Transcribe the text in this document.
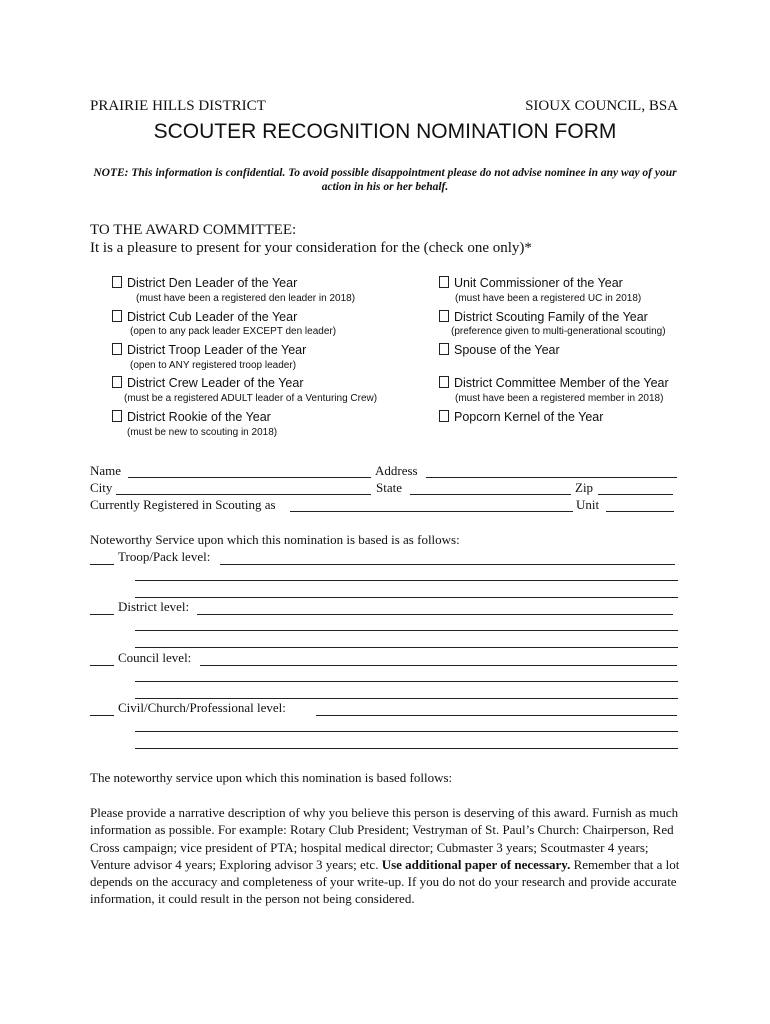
PRAIRIE HILLS DISTRICT	SIOUX COUNCIL, BSA
SCOUTER RECOGNITION NOMINATION FORM
NOTE: This information is confidential. To avoid possible disappointment please do not advise nominee in any way of your action in his or her behalf.
TO THE AWARD COMMITTEE:
It is a pleasure to present for your consideration for the (check one only)*
District Den Leader of the Year
(must have been a registered den leader in 2018)
District Cub Leader of the Year
(open to any pack leader EXCEPT den leader)
District Troop Leader of the Year
(open to ANY registered troop leader)
District Crew Leader of the Year
(must be a registered ADULT leader of a Venturing Crew)
District Rookie of the Year
(must be new to scouting in 2018)
Unit Commissioner of the Year
(must have been a registered UC in 2018)
District Scouting Family of the Year
(preference given to multi-generational scouting)
Spouse of the Year
District Committee Member of the Year
(must have been a registered member in 2018)
Popcorn Kernel of the Year
Name	Address
City	State	Zip
Currently Registered in Scouting as	Unit
Noteworthy Service upon which this nomination is based is as follows:
Troop/Pack level:
District level:
Council level:
Civil/Church/Professional level:
The noteworthy service upon which this nomination is based follows:
Please provide a narrative description of why you believe this person is deserving of this award. Furnish as much information as possible. For example: Rotary Club President; Vestryman of St. Paul’s Church: Chairperson, Red Cross campaign; vice president of PTA; hospital medical director; Cubmaster 3 years; Scoutmaster 4 years; Venture advisor 4 years; Exploring advisor 3 years; etc. Use additional paper of necessary. Remember that a lot depends on the accuracy and completeness of your write-up. If you do not do your research and provide accurate information, it could result in the person not being considered.
